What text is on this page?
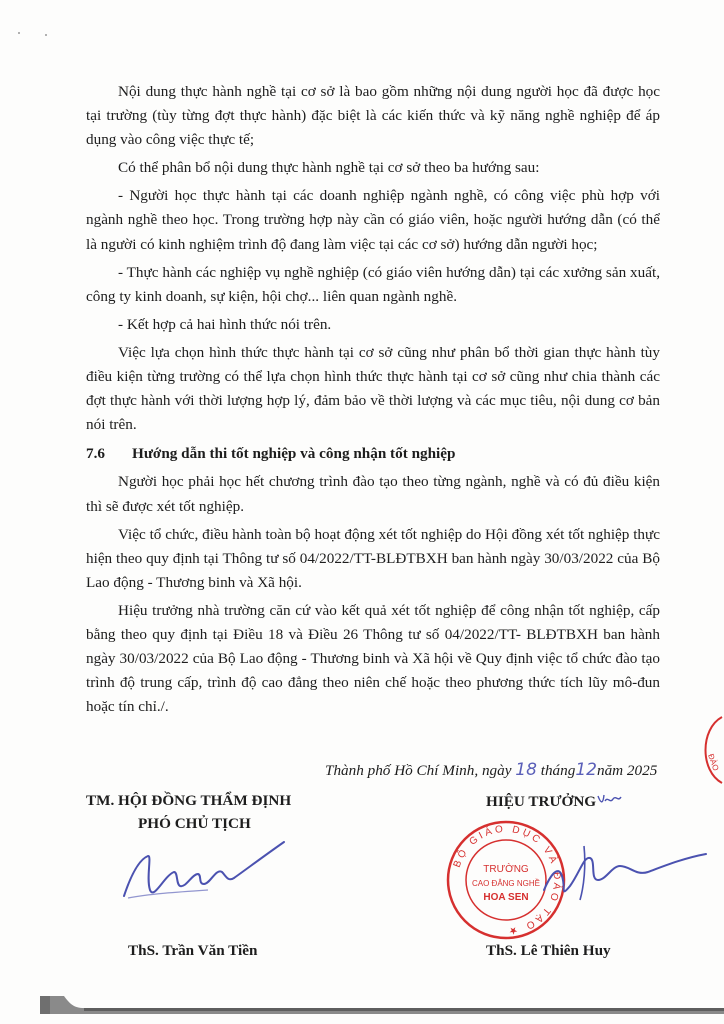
Nội dung thực hành nghề tại cơ sở là bao gồm những nội dung người học đã được học tại trường (tùy từng đợt thực hành) đặc biệt là các kiến thức và kỹ năng nghề nghiệp để áp dụng vào công việc thực tế;

Có thể phân bổ nội dung thực hành nghề tại cơ sở theo ba hướng sau:

- Người học thực hành tại các doanh nghiệp ngành nghề, có công việc phù hợp với ngành nghề theo học. Trong trường hợp này cần có giáo viên, hoặc người hướng dẫn (có thể là người có kinh nghiệm trình độ đang làm việc tại các cơ sở) hướng dẫn người học;

- Thực hành các nghiệp vụ nghề nghiệp (có giáo viên hướng dẫn) tại các xưởng sản xuất, công ty kinh doanh, sự kiện, hội chợ... liên quan ngành nghề.

- Kết hợp cả hai hình thức nói trên.

Việc lựa chọn hình thức thực hành tại cơ sở cũng như phân bổ thời gian thực hành tùy điều kiện từng trường có thể lựa chọn hình thức thực hành tại cơ sở cũng như chia thành các đợt thực hành với thời lượng hợp lý, đảm bảo về thời lượng và các mục tiêu, nội dung cơ bản nói trên.

7.6 Hướng dẫn thi tốt nghiệp và công nhận tốt nghiệp

Người học phải học hết chương trình đào tạo theo từng ngành, nghề và có đủ điều kiện thì sẽ được xét tốt nghiệp.

Việc tổ chức, điều hành toàn bộ hoạt động xét tốt nghiệp do Hội đồng xét tốt nghiệp thực hiện theo quy định tại Thông tư số 04/2022/TT-BLĐTBXH ban hành ngày 30/03/2022 của Bộ Lao động - Thương binh và Xã hội.

Hiệu trưởng nhà trường căn cứ vào kết quả xét tốt nghiệp để công nhận tốt nghiệp, cấp bằng theo quy định tại Điều 18 và Điều 26 Thông tư số 04/2022/TT- BLĐTBXH ban hành ngày 30/03/2022 của Bộ Lao động - Thương binh và Xã hội về Quy định việc tổ chức đào tạo trình độ trung cấp, trình độ cao đẳng theo niên chế hoặc theo phương thức tích lũy mô-đun hoặc tín chỉ./.

Thành phố Hồ Chí Minh, ngày 18 tháng12năm 2025
TM. HỘI ĐỒNG THẨM ĐỊNH
PHÓ CHỦ TỊCH
ThS. Trần Văn Tiền
HIỆU TRƯỞNG
ThS. Lê Thiên Huy
BỘ GIÁO DỤC VÀ ĐÀO TẠO ★
TRƯỜNG
CAO ĐẲNG NGHỀ
HOA SEN
ĐÀO
